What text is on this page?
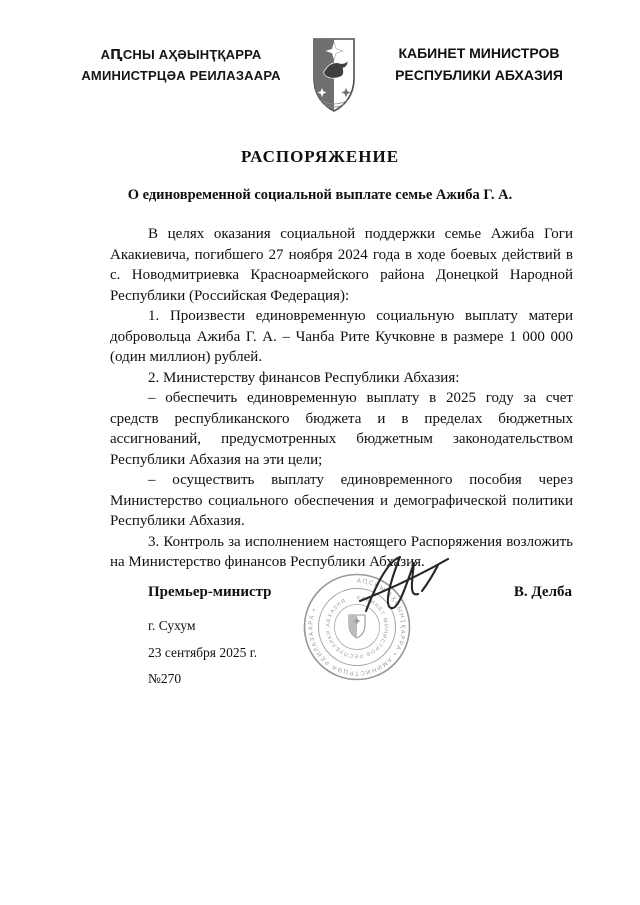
АԤСНЫ АҲӘЫНҬҚАРРА
АМИНИСТРЦӘА РЕИЛАЗААРА
КАБИНЕТ МИНИСТРОВ
РЕСПУБЛИКИ АБХАЗИЯ
РАСПОРЯЖЕНИЕ
О единовременной социальной выплате семье Ажиба Г. А.

В целях оказания социальной поддержки семье Ажиба Гоги Акакиевича, погибшего 27 ноября 2024 года в ходе боевых действий в с. Новодмитриевка Красноармейского района Донецкой Народной Республики (Российская Федерация):

1. Произвести единовременную социальную выплату матери добровольца Ажиба Г. А. – Чанба Рите Кучковне в размере 1 000 000 (один миллион) рублей.

2. Министерству финансов Республики Абхазия:

– обеспечить единовременную выплату в 2025 году за счет средств республиканского бюджета и в пределах бюджетных ассигнований, предусмотренных бюджетным законодательством Республики Абхазия на эти цели;

– осуществить выплату единовременного пособия через Министерство социального обеспечения и демографической политики Республики Абхазия.

3. Контроль за исполнением настоящего Распоряжения возложить на Министерство финансов Республики Абхазия.

Премьер-министр	В. Делба
г. Сухум
23 сентября 2025 г.
№270
АԤСНЫ АҲӘЫНҬҚАРРА • АМИНИСТРЦӘА РЕИЛАЗААРА •
КАБИНЕТ МИНИСТРОВ РЕСПУБЛИКИ АБХАЗИЯ
